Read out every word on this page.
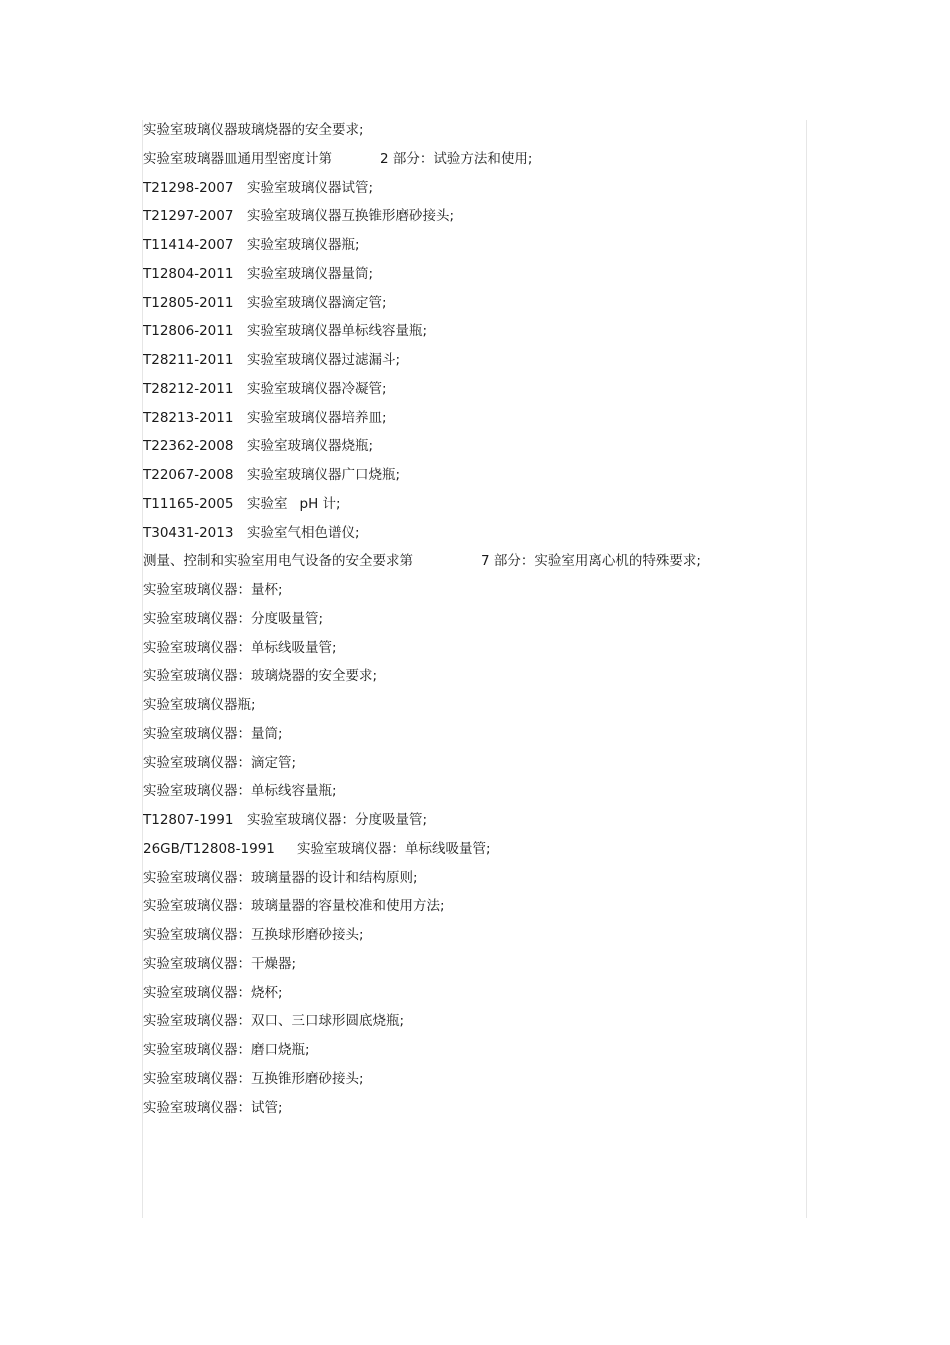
实验室玻璃仪器玻璃烧器的安全要求;
实验室玻璃器皿通用型密度计第	2 部分：试验方法和使用;
T21298-2007 实验室玻璃仪器试管;
T21297-2007 实验室玻璃仪器互换锥形磨砂接头;
T11414-2007 实验室玻璃仪器瓶;
T12804-2011 实验室玻璃仪器量筒;
T12805-2011 实验室玻璃仪器滴定管;
T12806-2011 实验室玻璃仪器单标线容量瓶;
T28211-2011 实验室玻璃仪器过滤漏斗;
T28212-2011 实验室玻璃仪器冷凝管;
T28213-2011 实验室玻璃仪器培养皿;
T22362-2008 实验室玻璃仪器烧瓶;
T22067-2008 实验室玻璃仪器广口烧瓶;
T11165-2005 实验室 pH 计;
T30431-2013 实验室气相色谱仪;
测量、控制和实验室用电气设备的安全要求第	7 部分：实验室用离心机的特殊要求;
实验室玻璃仪器：量杯;
实验室玻璃仪器：分度吸量管;
实验室玻璃仪器：单标线吸量管;
实验室玻璃仪器：玻璃烧器的安全要求;
实验室玻璃仪器瓶;
实验室玻璃仪器：量筒;
实验室玻璃仪器：滴定管;
实验室玻璃仪器：单标线容量瓶;
T12807-1991 实验室玻璃仪器：分度吸量管;
26GB/T12808-1991 实验室玻璃仪器：单标线吸量管;
实验室玻璃仪器：玻璃量器的设计和结构原则;
实验室玻璃仪器：玻璃量器的容量校准和使用方法;
实验室玻璃仪器：互换球形磨砂接头;
实验室玻璃仪器：干燥器;
实验室玻璃仪器：烧杯;
实验室玻璃仪器：双口、三口球形圆底烧瓶;
实验室玻璃仪器：磨口烧瓶;
实验室玻璃仪器：互换锥形磨砂接头;
实验室玻璃仪器：试管;
